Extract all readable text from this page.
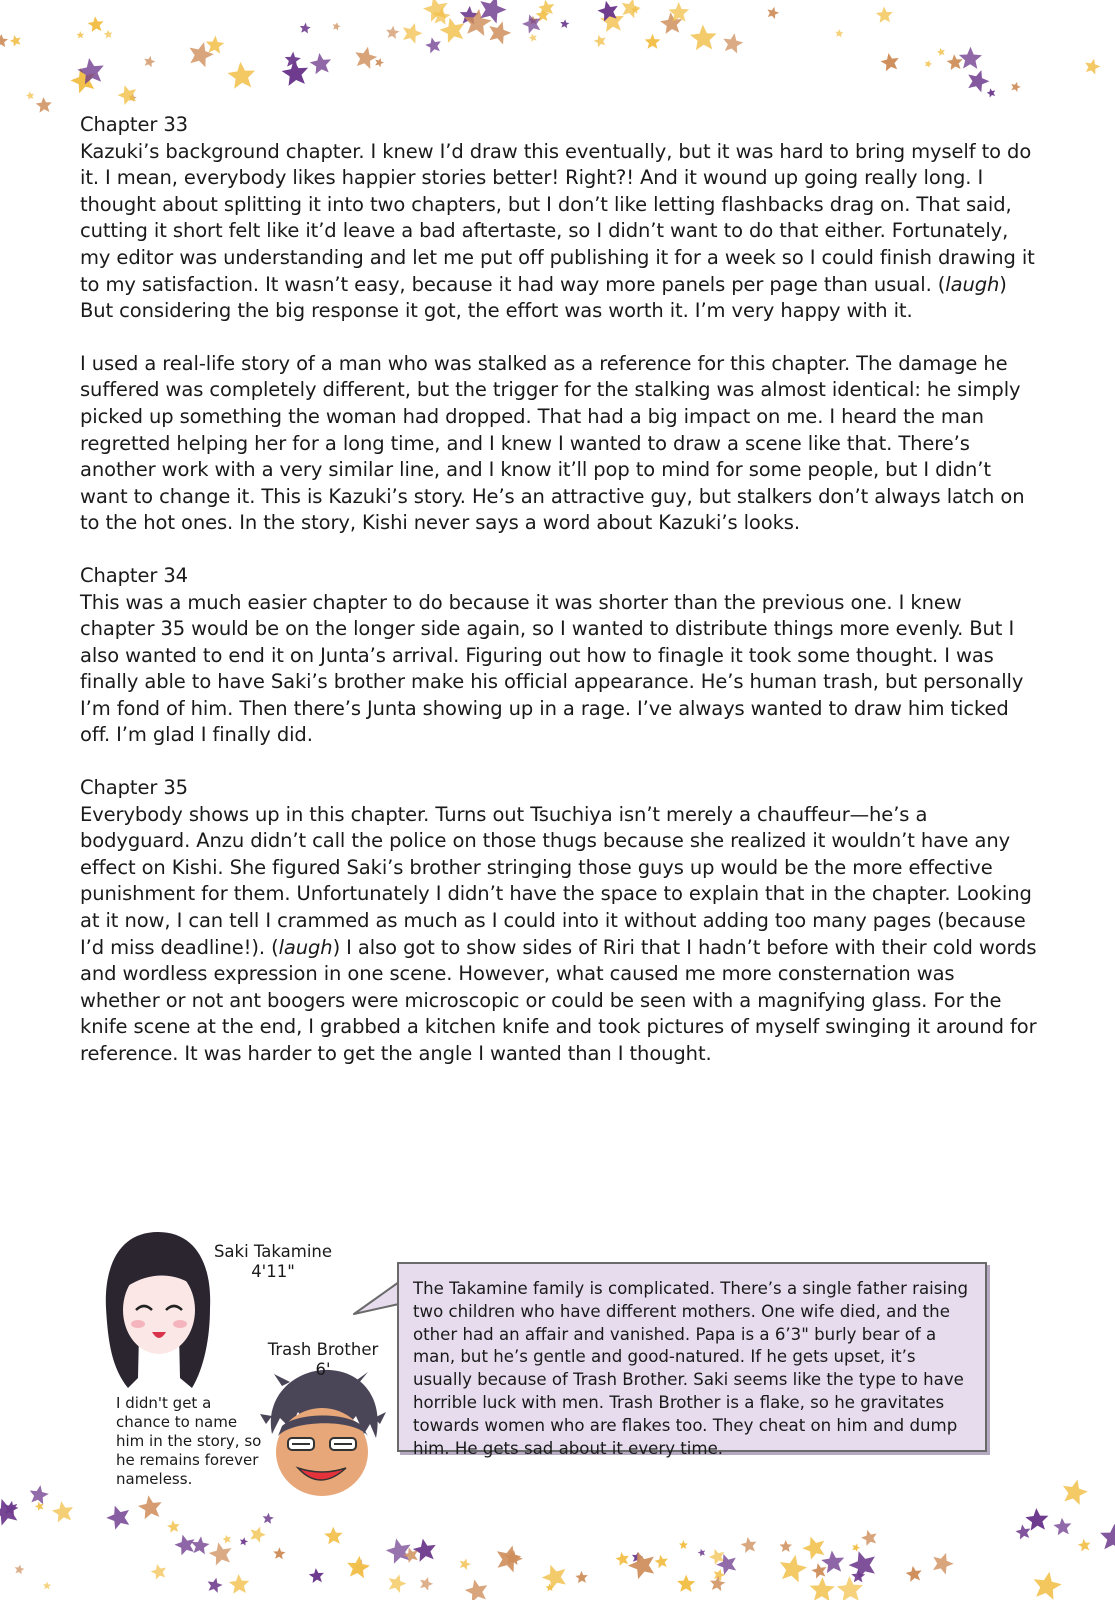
Chapter 33

Kazuki’s background chapter. I knew I’d draw this eventually, but it was hard to bring myself to do it. I mean, everybody likes happier stories better! Right?! And it wound up going really long. I thought about splitting it into two chapters, but I don’t like letting flashbacks drag on. That said, cutting it short felt like it’d leave a bad aftertaste, so I didn’t want to do that either. Fortunately, my editor was understanding and let me put off publishing it for a week so I could finish drawing it to my satisfaction. It wasn’t easy, because it had way more panels per page than usual. (laugh) But considering the big response it got, the effort was worth it. I’m very happy with it.

I used a real-life story of a man who was stalked as a reference for this chapter. The damage he suffered was completely different, but the trigger for the stalking was almost identical: he simply picked up something the woman had dropped. That had a big impact on me. I heard the man regretted helping her for a long time, and I knew I wanted to draw a scene like that. There’s another work with a very similar line, and I know it’ll pop to mind for some people, but I didn’t want to change it. This is Kazuki’s story. He’s an attractive guy, but stalkers don’t always latch on to the hot ones. In the story, Kishi never says a word about Kazuki’s looks.

Chapter 34

This was a much easier chapter to do because it was shorter than the previous one. I knew chapter 35 would be on the longer side again, so I wanted to distribute things more evenly. But I also wanted to end it on Junta’s arrival. Figuring out how to finagle it took some thought. I was finally able to have Saki’s brother make his official appearance. He’s human trash, but personally I’m fond of him. Then there’s Junta showing up in a rage. I’ve always wanted to draw him ticked off. I’m glad I finally did.

Chapter 35

Everybody shows up in this chapter. Turns out Tsuchiya isn’t merely a chauffeur—he’s a bodyguard. Anzu didn’t call the police on those thugs because she realized it wouldn’t have any effect on Kishi. She figured Saki’s brother stringing those guys up would be the more effective punishment for them. Unfortunately I didn’t have the space to explain that in the chapter. Looking at it now, I can tell I crammed as much as I could into it without adding too many pages (because I’d miss deadline!). (laugh) I also got to show sides of Riri that I hadn’t before with their cold words and wordless expression in one scene. However, what caused me more consternation was whether or not ant boogers were microscopic or could be seen with a magnifying glass. For the knife scene at the end, I grabbed a kitchen knife and took pictures of myself swinging it around for reference. It was harder to get the angle I wanted than I thought.

Saki Takamine
4'11"
Trash Brother
6'
I didn't get a chance to name him in the story, so he remains forever nameless.
The Takamine family is complicated. There’s a single father raising two children who have different mothers. One wife died, and the other had an affair and vanished. Papa is a 6’3" burly bear of a man, but he’s gentle and good-natured. If he gets upset, it’s usually because of Trash Brother. Saki seems like the type to have horrible luck with men. Trash Brother is a flake, so he gravitates towards women who are flakes too. They cheat on him and dump him. He gets sad about it every time.
